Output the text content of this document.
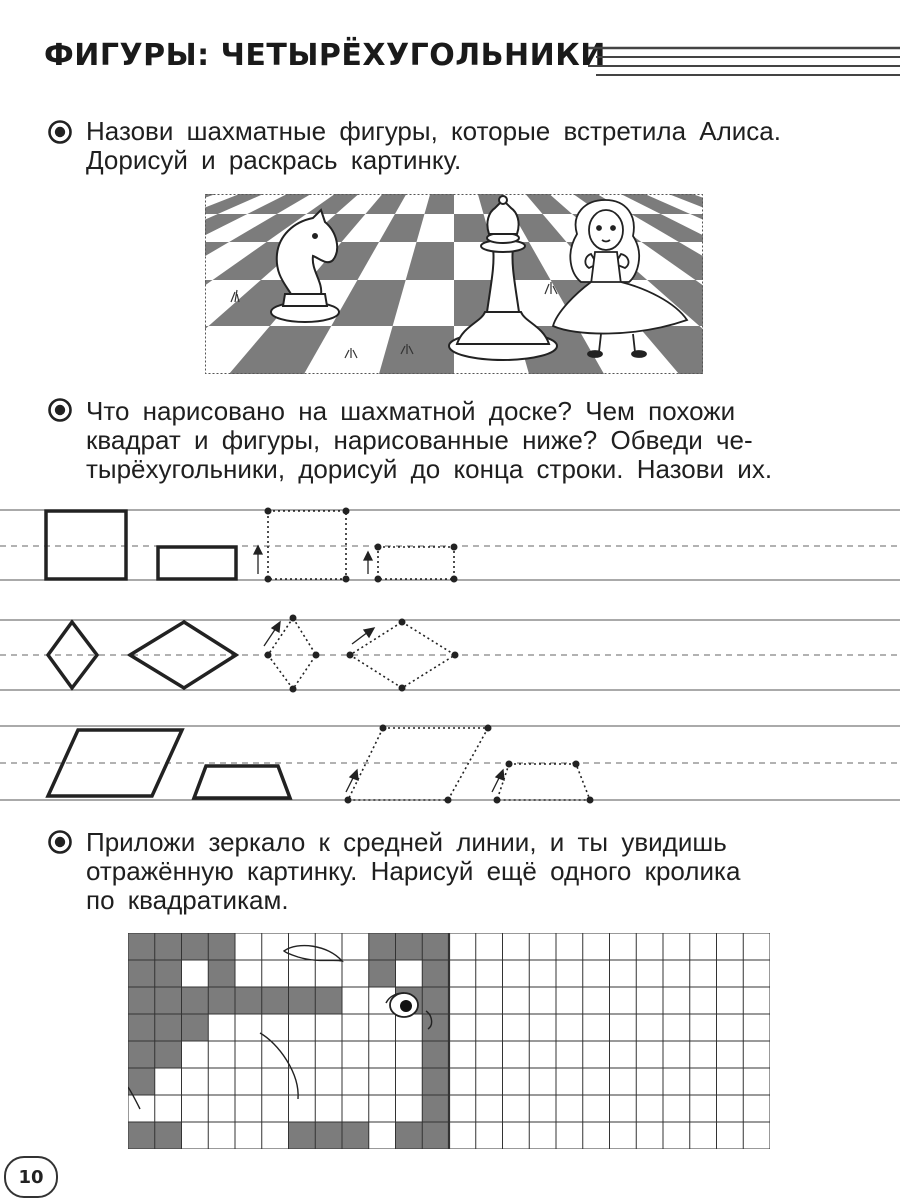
ФИГУРЫ: ЧЕТЫРЁХУГОЛЬНИКИ
Назови шахматные фигуры, которые встретила Алиса.
Дорисуй и раскрась картинку.
Что нарисовано на шахматной доске? Чем похожи
квадрат и фигуры, нарисованные ниже? Обведи че-
тырёхугольники, дорисуй до конца строки. Назови их.
Приложи зеркало к средней линии, и ты увидишь
отражённую картинку. Нарисуй ещё одного кролика
по квадратикам.
10
